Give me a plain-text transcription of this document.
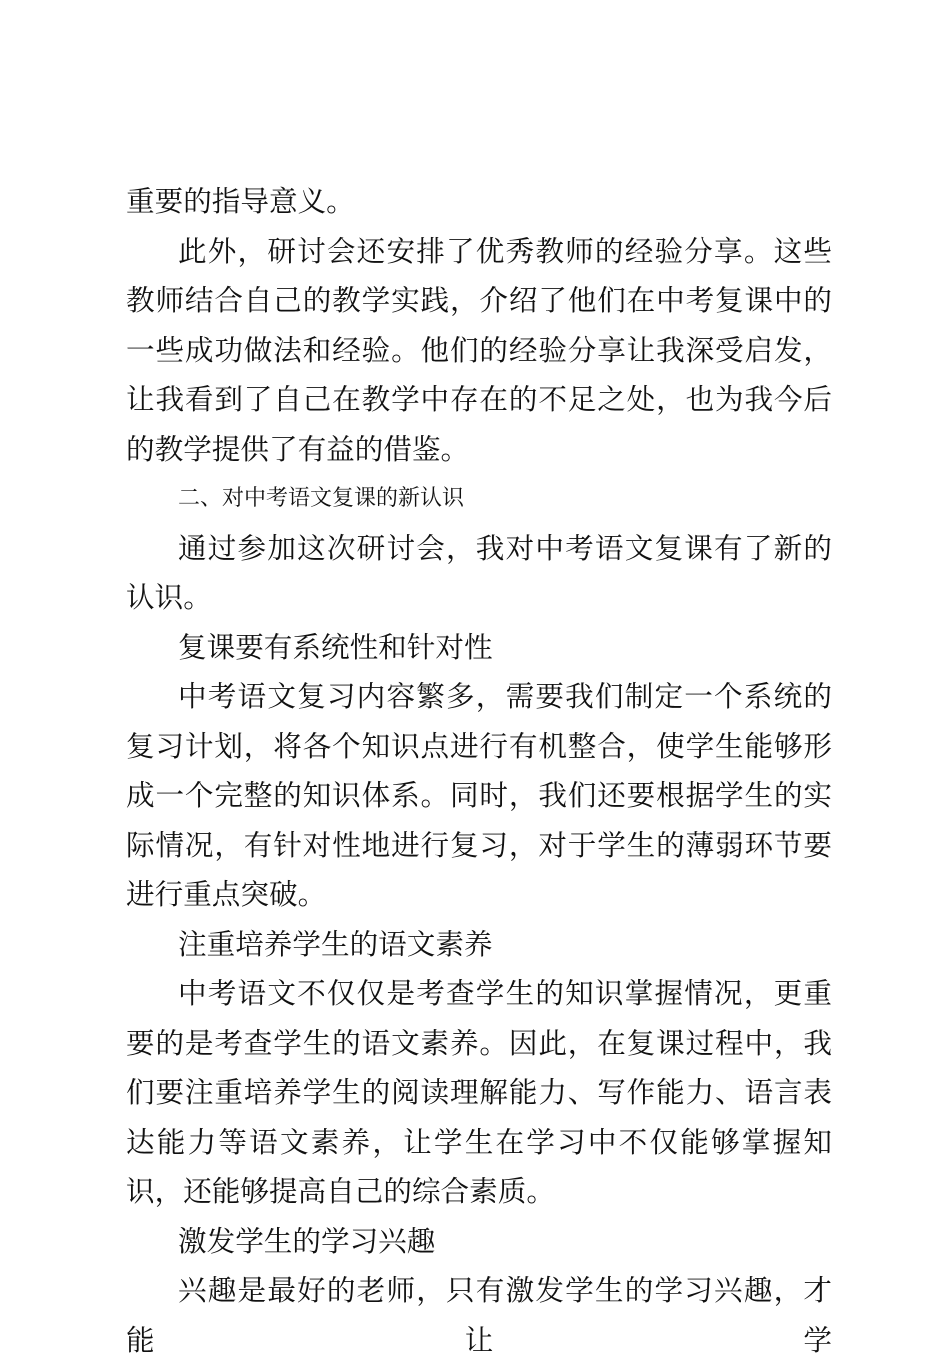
重要的指导意义。

此外，研讨会还安排了优秀教师的经验分享。这些教师结合自己的教学实践，介绍了他们在中考复课中的一些成功做法和经验。他们的经验分享让我深受启发，让我看到了自己在教学中存在的不足之处，也为我今后的教学提供了有益的借鉴。

二、对中考语文复课的新认识

通过参加这次研讨会，我对中考语文复课有了新的认识。

复课要有系统性和针对性

中考语文复习内容繁多，需要我们制定一个系统的复习计划，将各个知识点进行有机整合，使学生能够形成一个完整的知识体系。同时，我们还要根据学生的实际情况，有针对性地进行复习，对于学生的薄弱环节要进行重点突破。

注重培养学生的语文素养

中考语文不仅仅是考查学生的知识掌握情况，更重要的是考查学生的语文素养。因此，在复课过程中，我们要注重培养学生的阅读理解能力、写作能力、语言表达能力等语文素养，让学生在学习中不仅能够掌握知识，还能够提高自己的综合素质。

激发学生的学习兴趣

兴趣是最好的老师，只有激发学生的学习兴趣，才能让学
